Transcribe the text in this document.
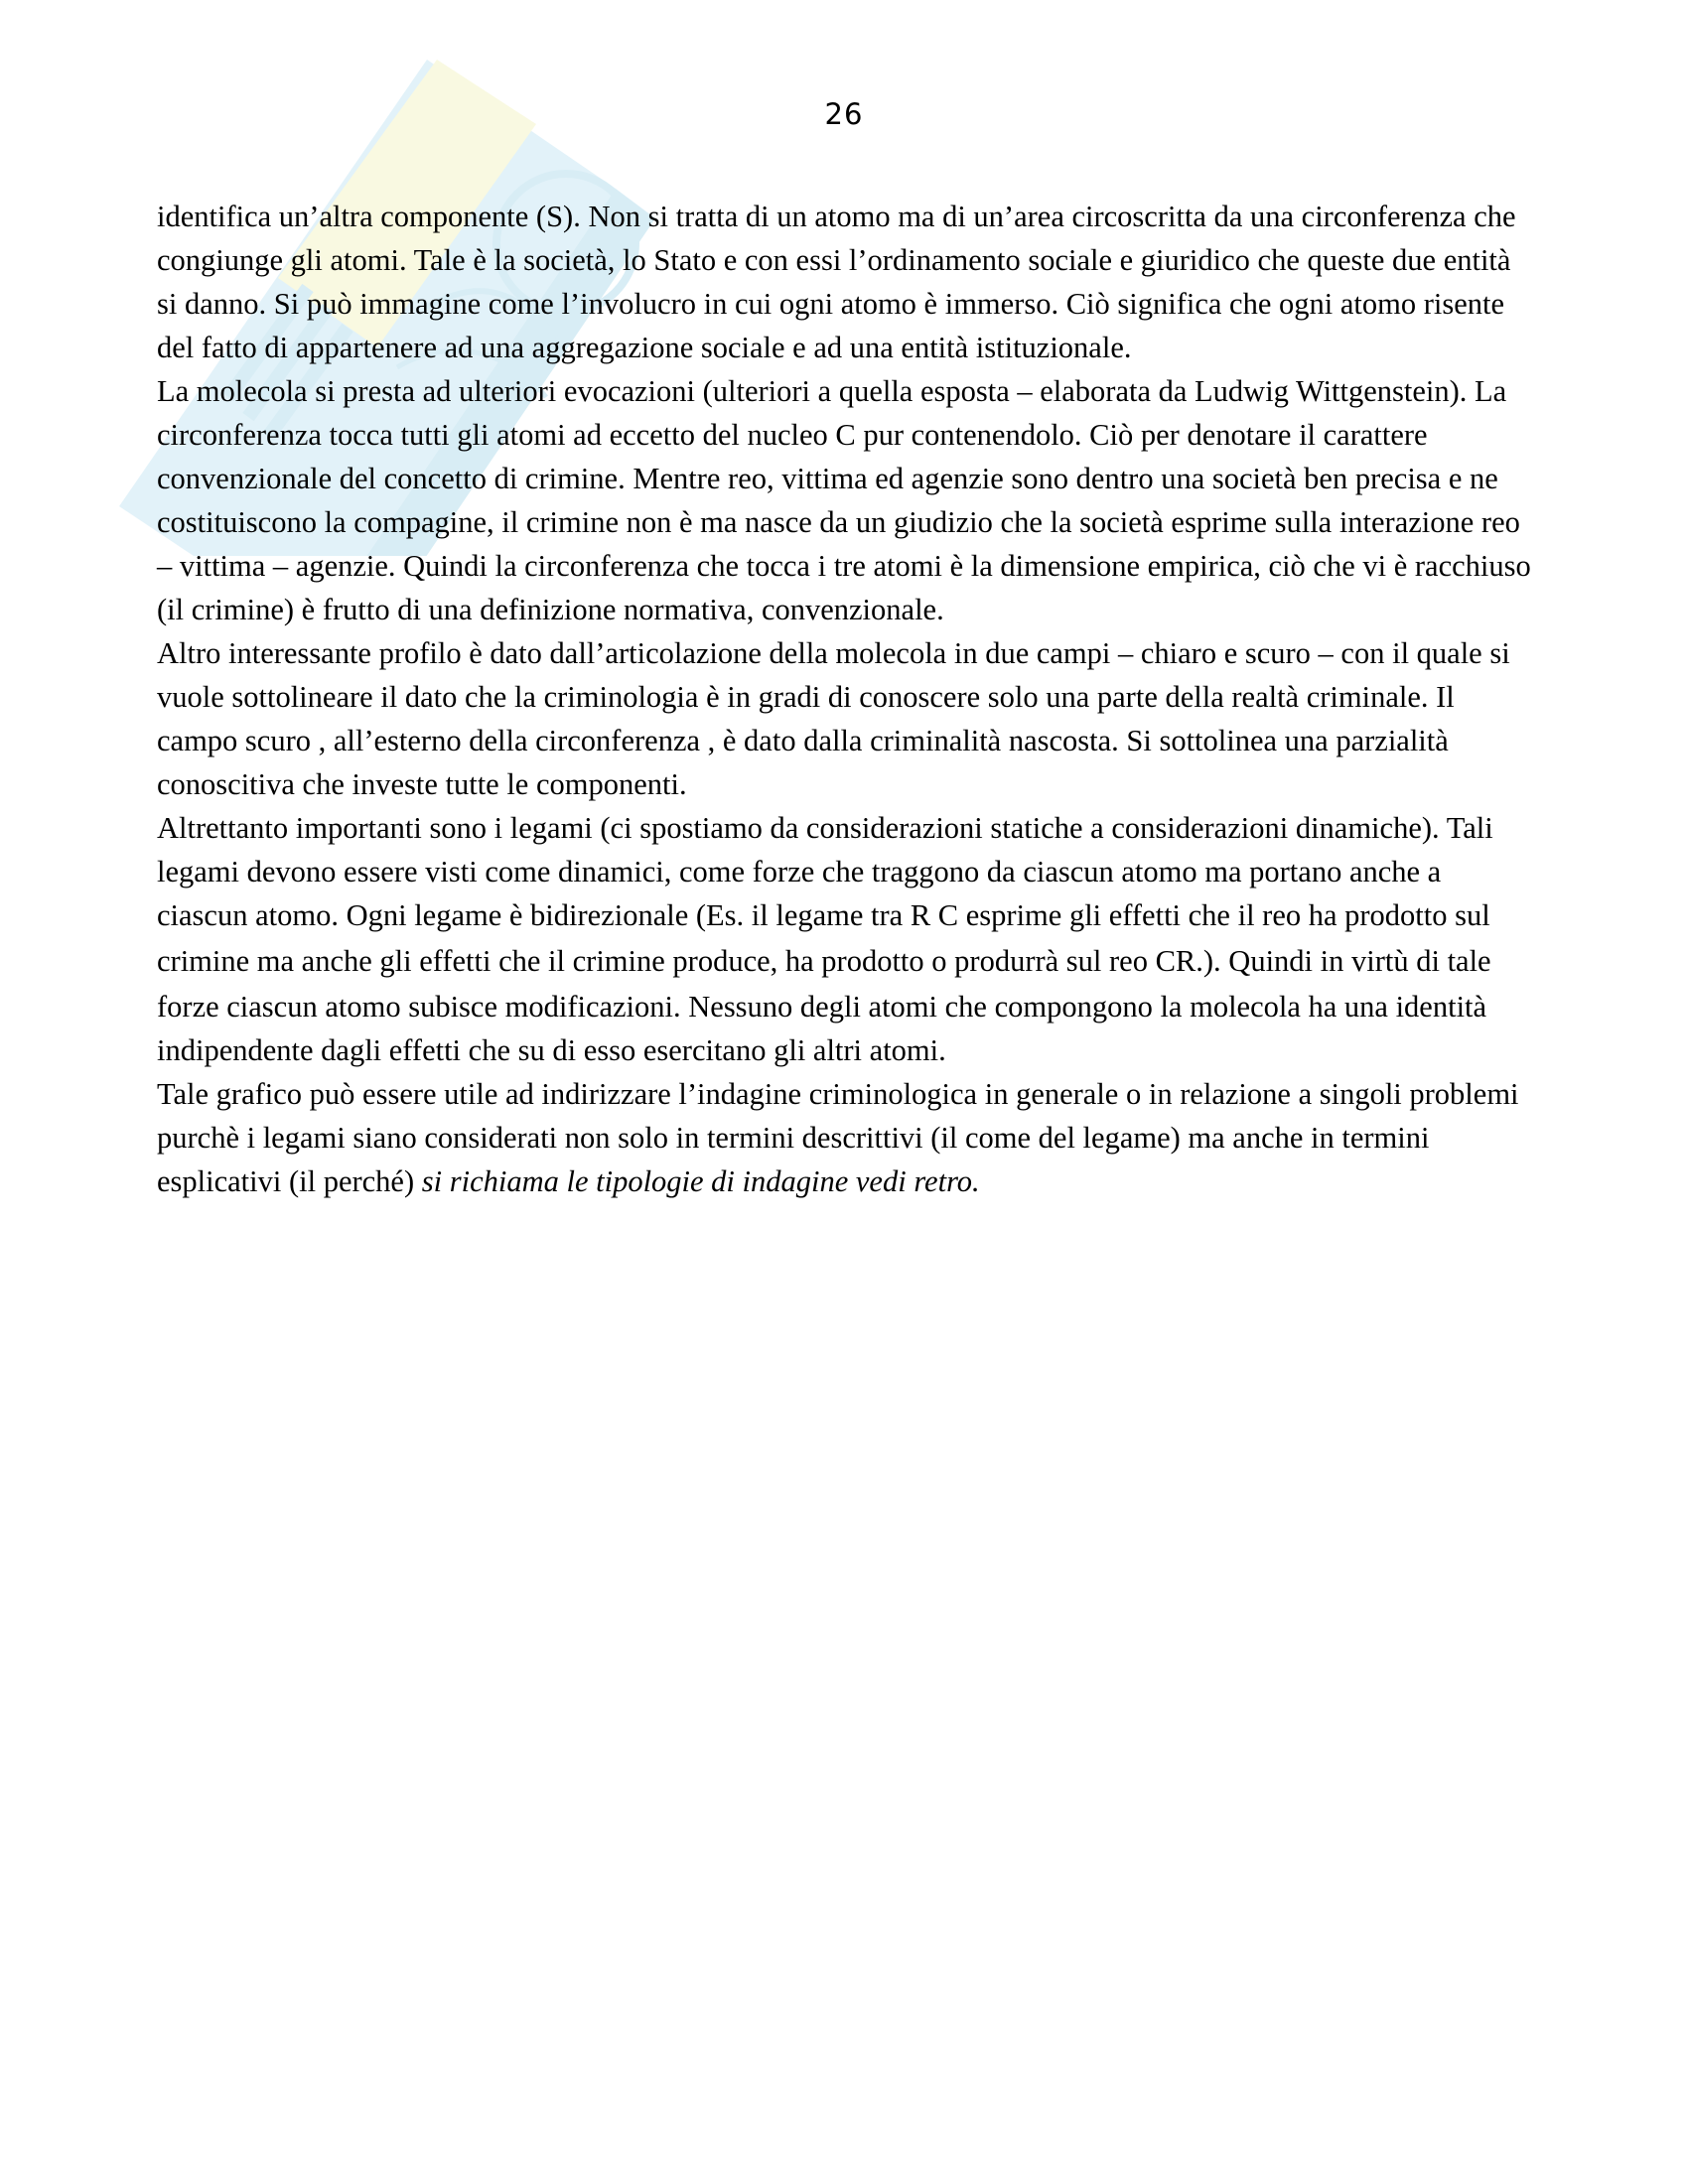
26

identifica un’altra componente (S). Non si tratta di un atomo ma di un’area circoscritta da una circonferenza che congiunge gli atomi. Tale è la società, lo Stato e con essi l’ordinamento sociale e giuridico che queste due entità si danno. Si può immagine come l’involucro in cui ogni atomo è immerso. Ciò significa che ogni atomo risente del fatto di appartenere ad una aggregazione sociale e ad una entità istituzionale.

La molecola si presta ad ulteriori evocazioni (ulteriori a quella esposta – elaborata da Ludwig Wittgenstein). La circonferenza tocca tutti gli atomi ad eccetto del nucleo C pur contenendolo. Ciò per denotare il carattere convenzionale del concetto di crimine. Mentre reo, vittima ed agenzie sono dentro una società ben precisa e ne costituiscono la compagine, il crimine non è ma nasce da un giudizio che la società esprime sulla interazione reo – vittima – agenzie. Quindi la circonferenza che tocca i tre atomi è la dimensione empirica, ciò che vi è racchiuso (il crimine) è frutto di una definizione normativa, convenzionale.

Altro interessante profilo è dato dall’articolazione della molecola in due campi – chiaro e scuro – con il quale si vuole sottolineare il dato che la criminologia è in gradi di conoscere solo una parte della realtà criminale. Il campo scuro , all’esterno della circonferenza , è dato dalla criminalità nascosta. Si sottolinea una parzialità conoscitiva che investe tutte le componenti.

Altrettanto importanti sono i legami (ci spostiamo da considerazioni statiche a considerazioni dinamiche). Tali legami devono essere visti come dinamici, come forze che traggono da ciascun atomo ma portano anche a ciascun atomo. Ogni legame è bidirezionale (Es. il legame tra R C esprime gli effetti che il reo ha prodotto sul crimine ma anche gli effetti che il crimine produce, ha prodotto o produrrà sul reo CR.). Quindi in virtù di tale forze ciascun atomo subisce modificazioni. Nessuno degli atomi che compongono la molecola ha una identità indipendente dagli effetti che su di esso esercitano gli altri atomi.

Tale grafico può essere utile ad indirizzare l’indagine criminologica in generale o in relazione a singoli problemi purchè i legami siano considerati non solo in termini descrittivi (il come del legame) ma anche in termini esplicativi (il perché) si richiama le tipologie di indagine vedi retro.
